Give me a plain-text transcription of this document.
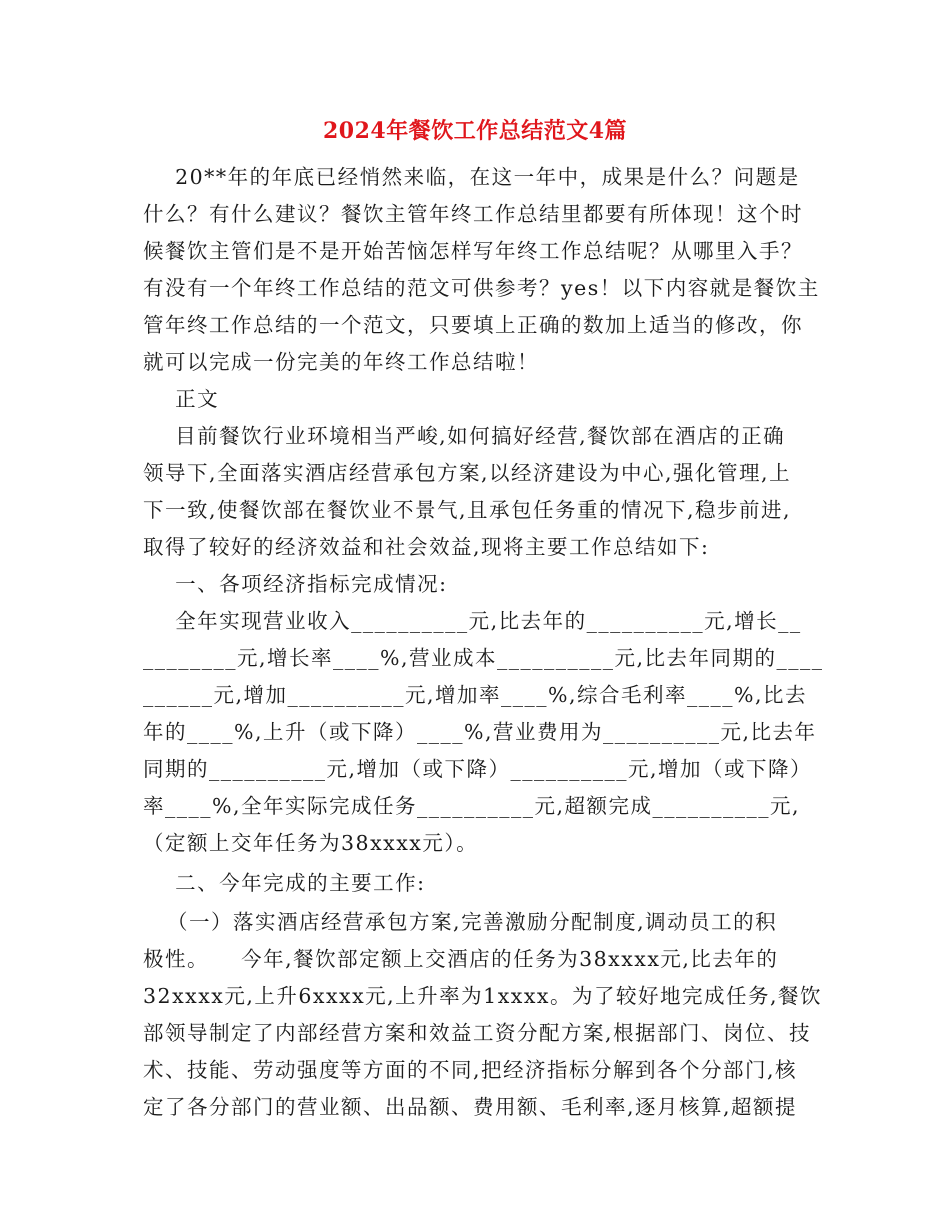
2024年餐饮工作总结范文4篇
20**年的年底已经悄然来临，在这一年中，成果是什么？问题是
什么？有什么建议？餐饮主管年终工作总结里都要有所体现！这个时
候餐饮主管们是不是开始苦恼怎样写年终工作总结呢？从哪里入手？
有没有一个年终工作总结的范文可供参考？yes！以下内容就是餐饮主
管年终工作总结的一个范文，只要填上正确的数加上适当的修改，你
就可以完成一份完美的年终工作总结啦！
正文
目前餐饮行业环境相当严峻,如何搞好经营,餐饮部在酒店的正确
领导下,全面落实酒店经营承包方案,以经济建设为中心,强化管理,上
下一致,使餐饮部在餐饮业不景气,且承包任务重的情况下,稳步前进,
取得了较好的经济效益和社会效益,现将主要工作总结如下:
一、各项经济指标完成情况:
全年实现营业收入__________元,比去年的__________元,增长__
________元,增长率____%,营业成本__________元,比去年同期的____
______元,增加__________元,增加率____%,综合毛利率____%,比去
年的____%,上升（或下降）____%,营业费用为__________元,比去年
同期的__________元,增加（或下降）__________元,增加（或下降）
率____%,全年实际完成任务__________元,超额完成__________元,
（定额上交年任务为38xxxx元）。
二、今年完成的主要工作:
（一）落实酒店经营承包方案,完善激励分配制度,调动员工的积
极性。    今年,餐饮部定额上交酒店的任务为38xxxx元,比去年的
32xxxx元,上升6xxxx元,上升率为1xxxx。为了较好地完成任务,餐饮
部领导制定了内部经营方案和效益工资分配方案,根据部门、岗位、技
术、技能、劳动强度等方面的不同,把经济指标分解到各个分部门,核
定了各分部门的营业额、出品额、费用额、毛利率,逐月核算,超额提
